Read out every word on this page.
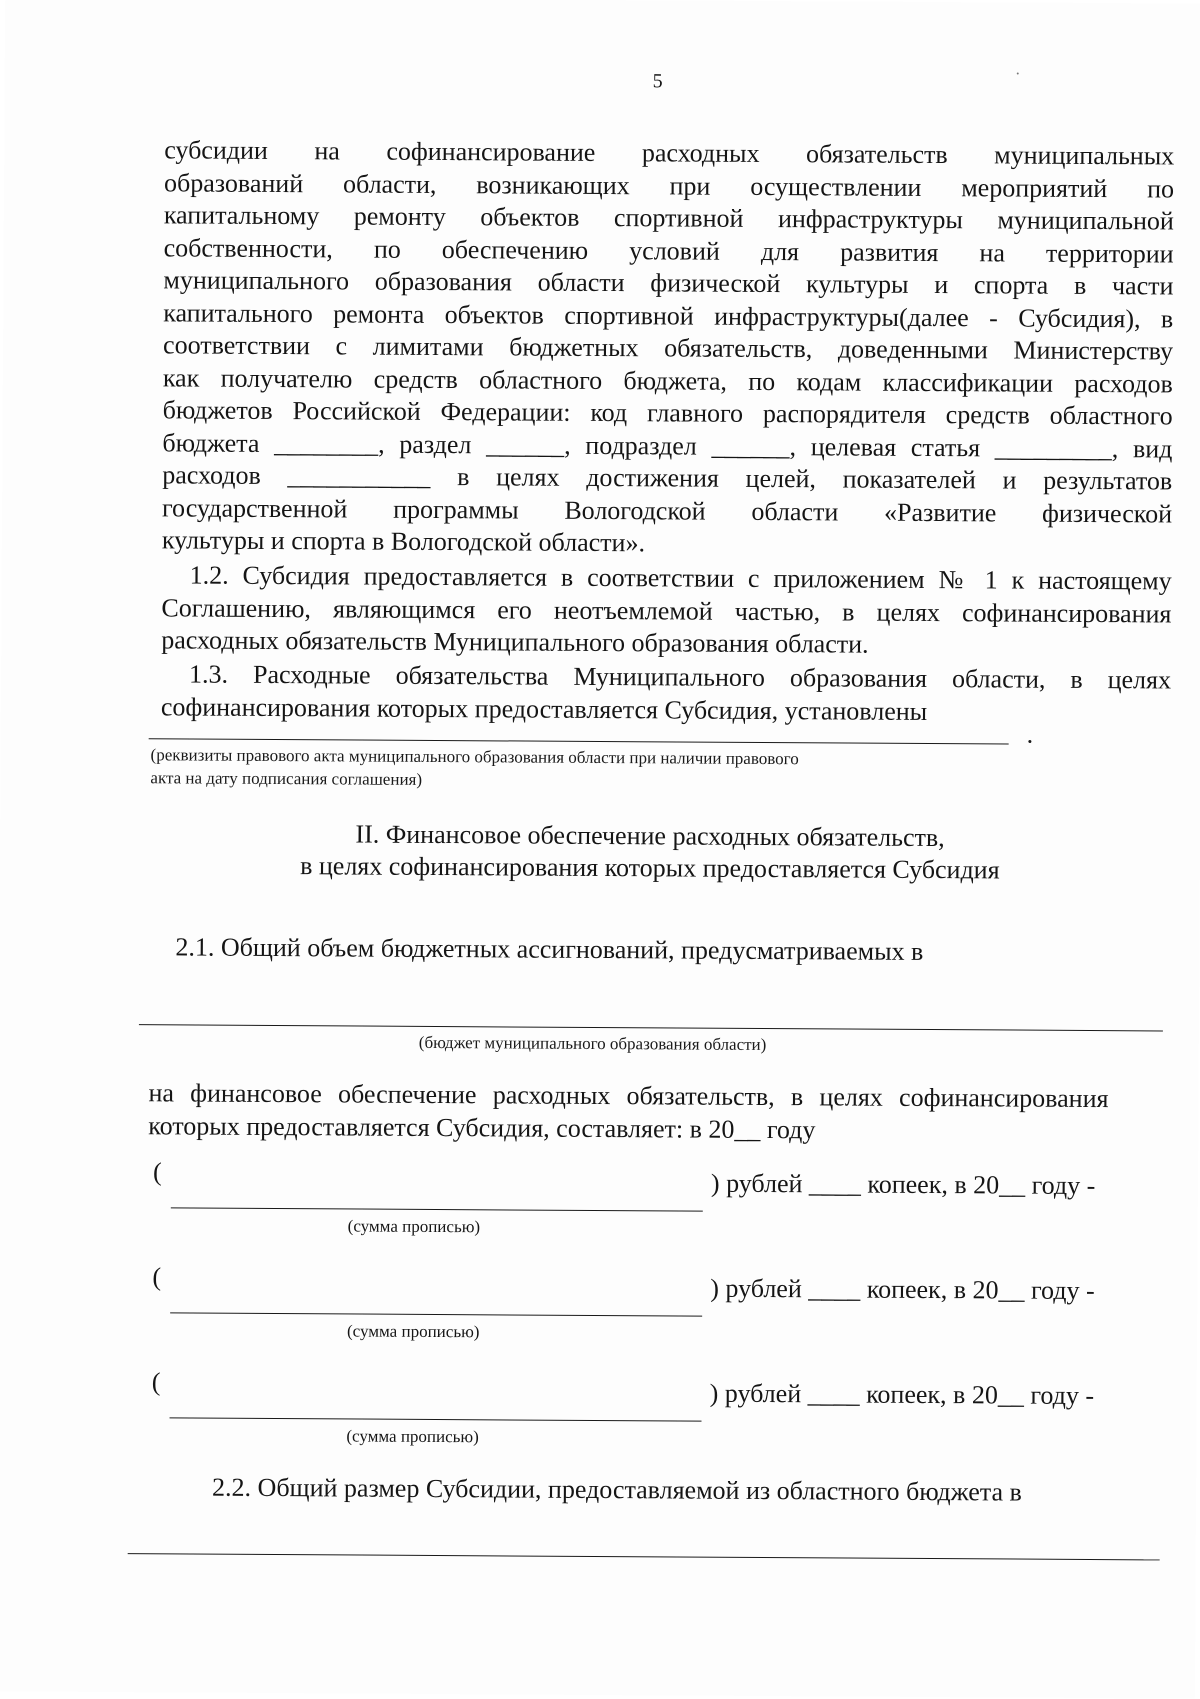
5
субсидии на софинансирование расходных обязательств муниципальных
образований области, возникающих при осуществлении мероприятий по
капитальному ремонту объектов спортивной инфраструктуры муниципальной
собственности, по обеспечению условий для развития на территории
муниципального образования области физической культуры и спорта в части
капитального ремонта объектов спортивной инфраструктуры(далее - Субсидия), в
соответствии с лимитами бюджетных обязательств, доведенными Министерству
как получателю средств областного бюджета, по кодам классификации расходов
бюджетов Российской Федерации: код главного распорядителя средств областного
бюджета ________, раздел ______, подраздел ______, целевая статья _________, вид
расходов ___________ в целях достижения целей, показателей и результатов
государственной программы Вологодской области «Развитие физической
культуры и спорта в Вологодской области».
1.2. Субсидия предоставляется в соответствии с приложением № 1 к настоящему
Соглашению, являющимся его неотъемлемой частью, в целях софинансирования
расходных обязательств Муниципального образования области.
1.3. Расходные обязательства Муниципального образования области, в целях
софинансирования которых предоставляется Субсидия, установлены
.
(реквизиты правового акта муниципального образования области при наличии правового
акта на дату подписания соглашения)
II. Финансовое обеспечение расходных обязательств,
в целях софинансирования которых предоставляется Субсидия
2.1. Общий объем бюджетных ассигнований, предусматриваемых в
(бюджет муниципального образования области)
на финансовое обеспечение расходных обязательств, в целях софинансирования
которых предоставляется Субсидия, составляет: в 20__ году
(	) рублей ____ копеек, в 20__ году -
(сумма прописью)
(	) рублей ____ копеек, в 20__ году -
(сумма прописью)
(	) рублей ____ копеек, в 20__ году -
(сумма прописью)
2.2. Общий размер Субсидии, предоставляемой из областного бюджета в
